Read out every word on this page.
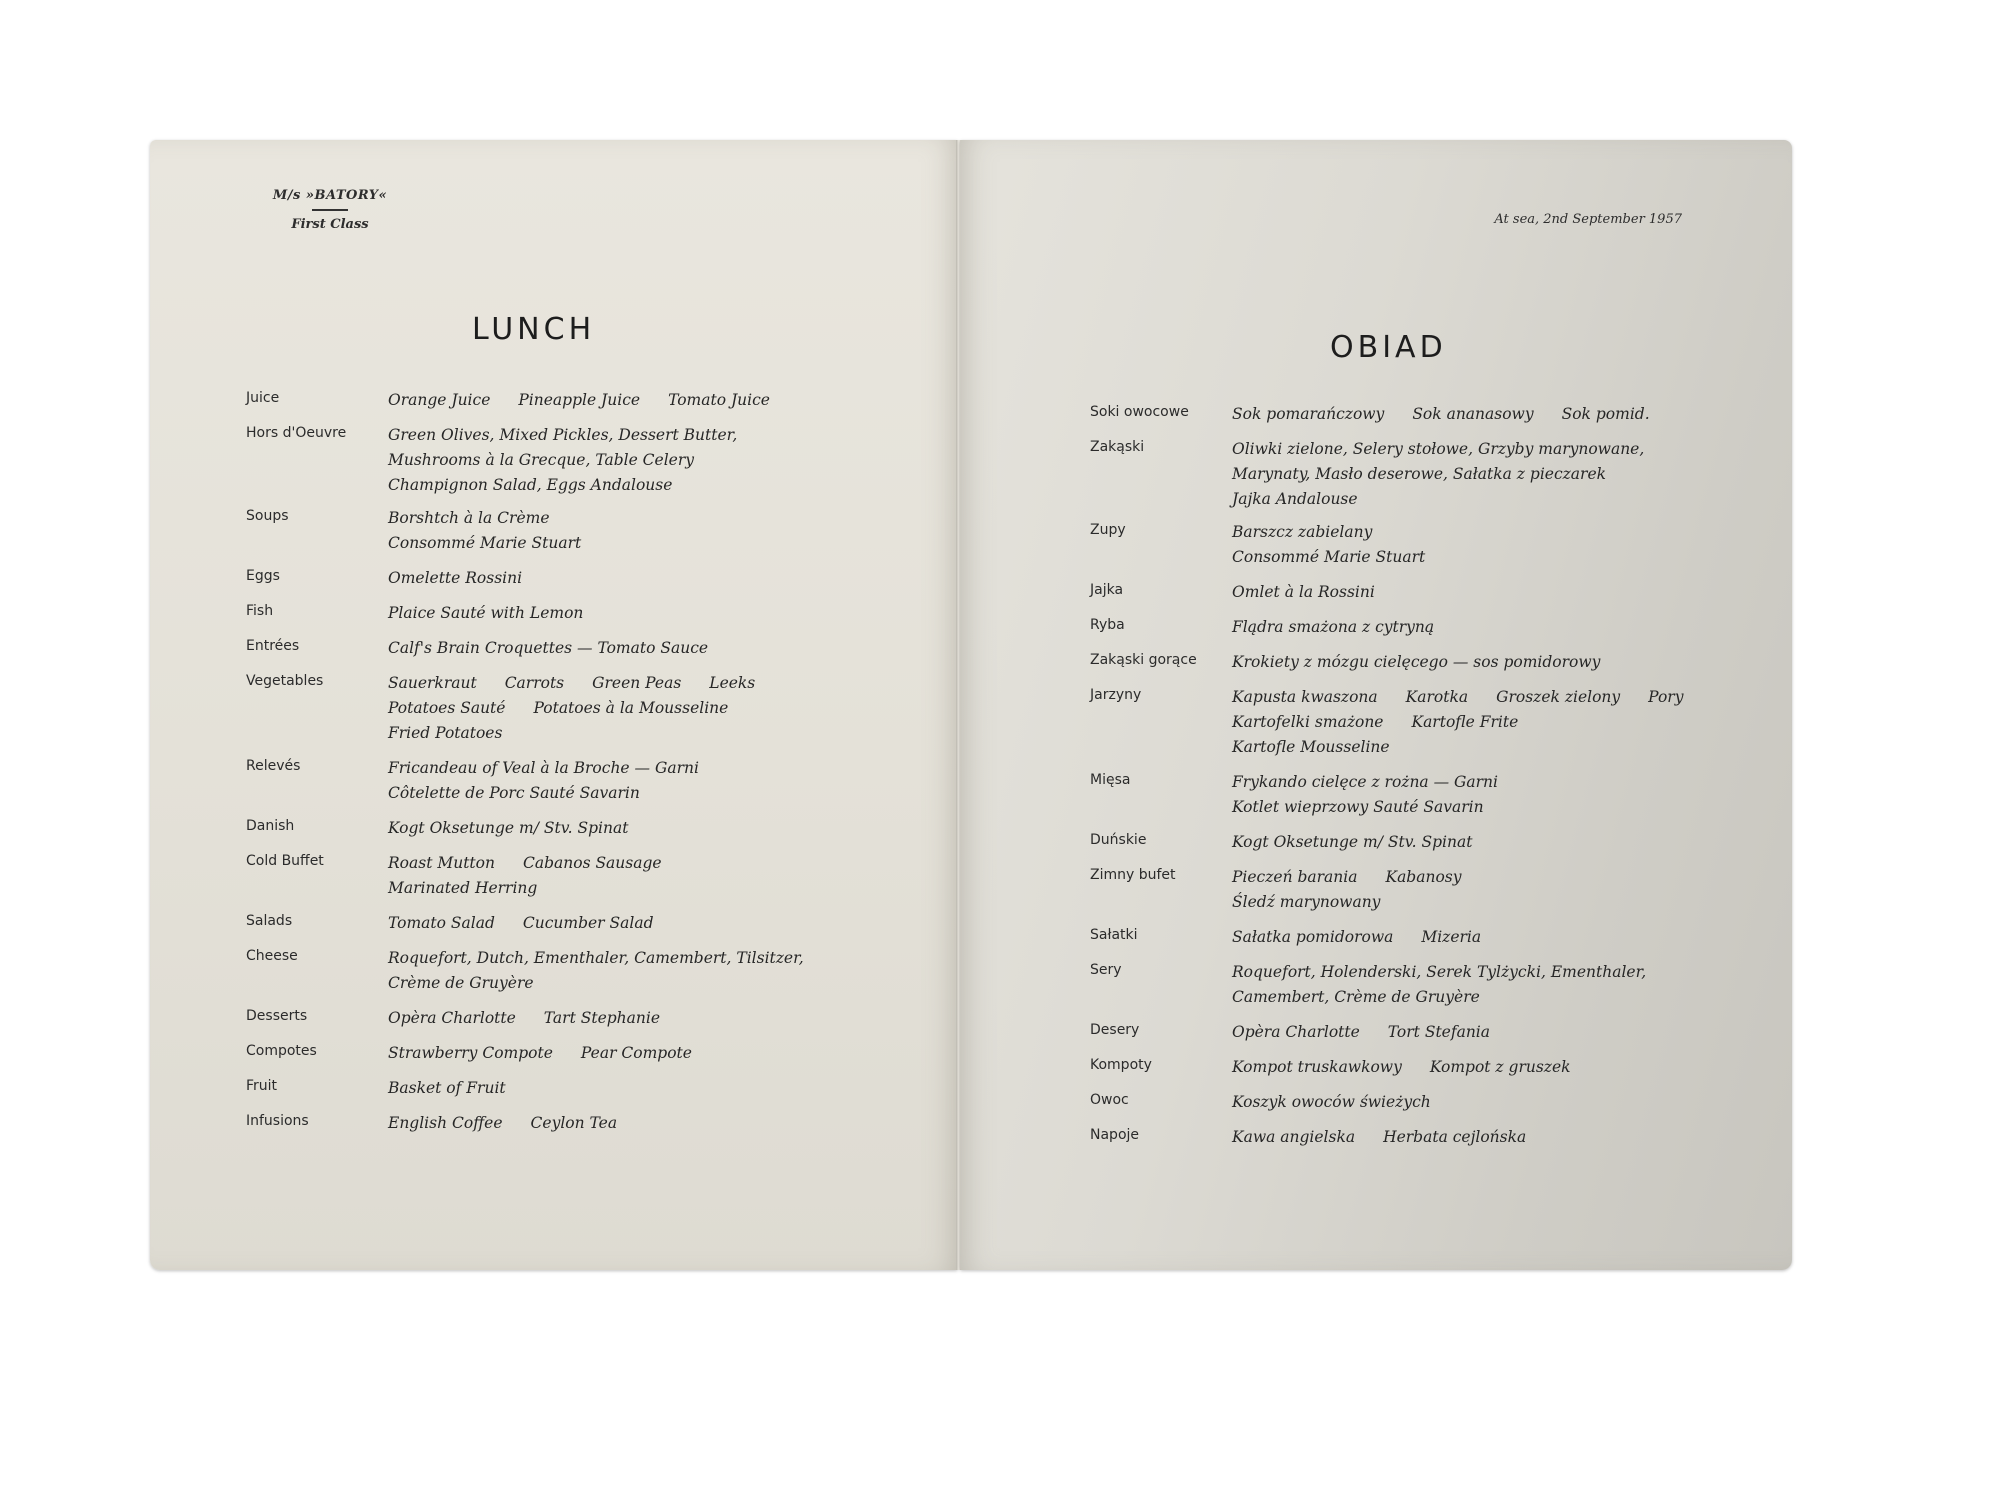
M/s »BATORY«
First Class
LUNCH
Juice	Orange Juice Pineapple Juice Tomato Juice
Hors d'Oeuvre	Green Olives, Mixed Pickles, Dessert Butter,
Mushrooms à la Grecque, Table Celery
Champignon Salad, Eggs Andalouse
Soups	Borshtch à la Crème
Consommé Marie Stuart
Eggs	Omelette Rossini
Fish	Plaice Sauté with Lemon
Entrées	Calf's Brain Croquettes — Tomato Sauce
Vegetables	Sauerkraut Carrots Green Peas Leeks
Potatoes Sauté Potatoes à la Mousseline
Fried Potatoes
Relevés	Fricandeau of Veal à la Broche — Garni
Côtelette de Porc Sauté Savarin
Danish	Kogt Oksetunge m/ Stv. Spinat
Cold Buffet	Roast Mutton Cabanos Sausage
Marinated Herring
Salads	Tomato Salad Cucumber Salad
Cheese	Roquefort, Dutch, Ementhaler, Camembert, Tilsitzer,
Crème de Gruyère
Desserts	Opèra Charlotte Tart Stephanie
Compotes	Strawberry Compote Pear Compote
Fruit	Basket of Fruit
Infusions	English Coffee Ceylon Tea
At sea, 2nd September 1957
OBIAD
Soki owocowe	Sok pomarańczowy Sok ananasowy Sok pomid.
Zakąski	Oliwki zielone, Selery stołowe, Grzyby marynowane,
Marynaty, Masło deserowe, Sałatka z pieczarek
Jajka Andalouse
Zupy	Barszcz zabielany
Consommé Marie Stuart
Jajka	Omlet à la Rossini
Ryba	Flądra smażona z cytryną
Zakąski gorące	Krokiety z mózgu cielęcego — sos pomidorowy
Jarzyny	Kapusta kwaszona Karotka Groszek zielony Pory
Kartofelki smażone Kartofle Frite
Kartofle Mousseline
Mięsa	Frykando cielęce z rożna — Garni
Kotlet wieprzowy Sauté Savarin
Duńskie	Kogt Oksetunge m/ Stv. Spinat
Zimny bufet	Pieczeń barania Kabanosy
Śledź marynowany
Sałatki	Sałatka pomidorowa Mizeria
Sery	Roquefort, Holenderski, Serek Tylżycki, Ementhaler,
Camembert, Crème de Gruyère
Desery	Opèra Charlotte Tort Stefania
Kompoty	Kompot truskawkowy Kompot z gruszek
Owoc	Koszyk owoców świeżych
Napoje	Kawa angielska Herbata cejlońska
